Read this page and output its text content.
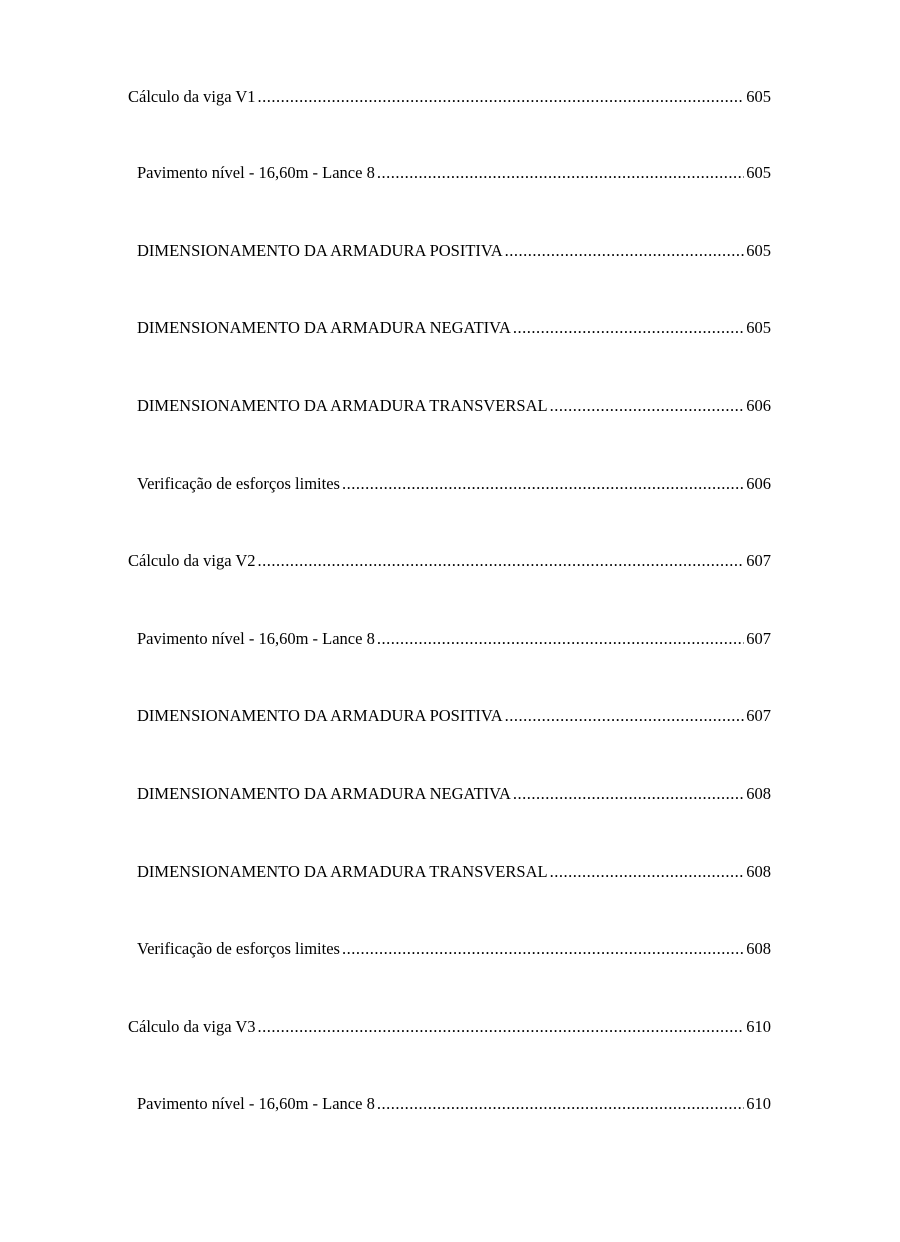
Cálculo da viga V1 .....	605
Pavimento nível - 16,60m - Lance 8 .....	605
DIMENSIONAMENTO DA ARMADURA POSITIVA .....	605
DIMENSIONAMENTO DA ARMADURA NEGATIVA .....	605
DIMENSIONAMENTO DA ARMADURA TRANSVERSAL .....	606
Verificação de esforços limites .....	606
Cálculo da viga V2 .....	607
Pavimento nível - 16,60m - Lance 8 .....	607
DIMENSIONAMENTO DA ARMADURA POSITIVA .....	607
DIMENSIONAMENTO DA ARMADURA NEGATIVA .....	608
DIMENSIONAMENTO DA ARMADURA TRANSVERSAL .....	608
Verificação de esforços limites .....	608
Cálculo da viga V3 .....	610
Pavimento nível - 16,60m - Lance 8 .....	610
